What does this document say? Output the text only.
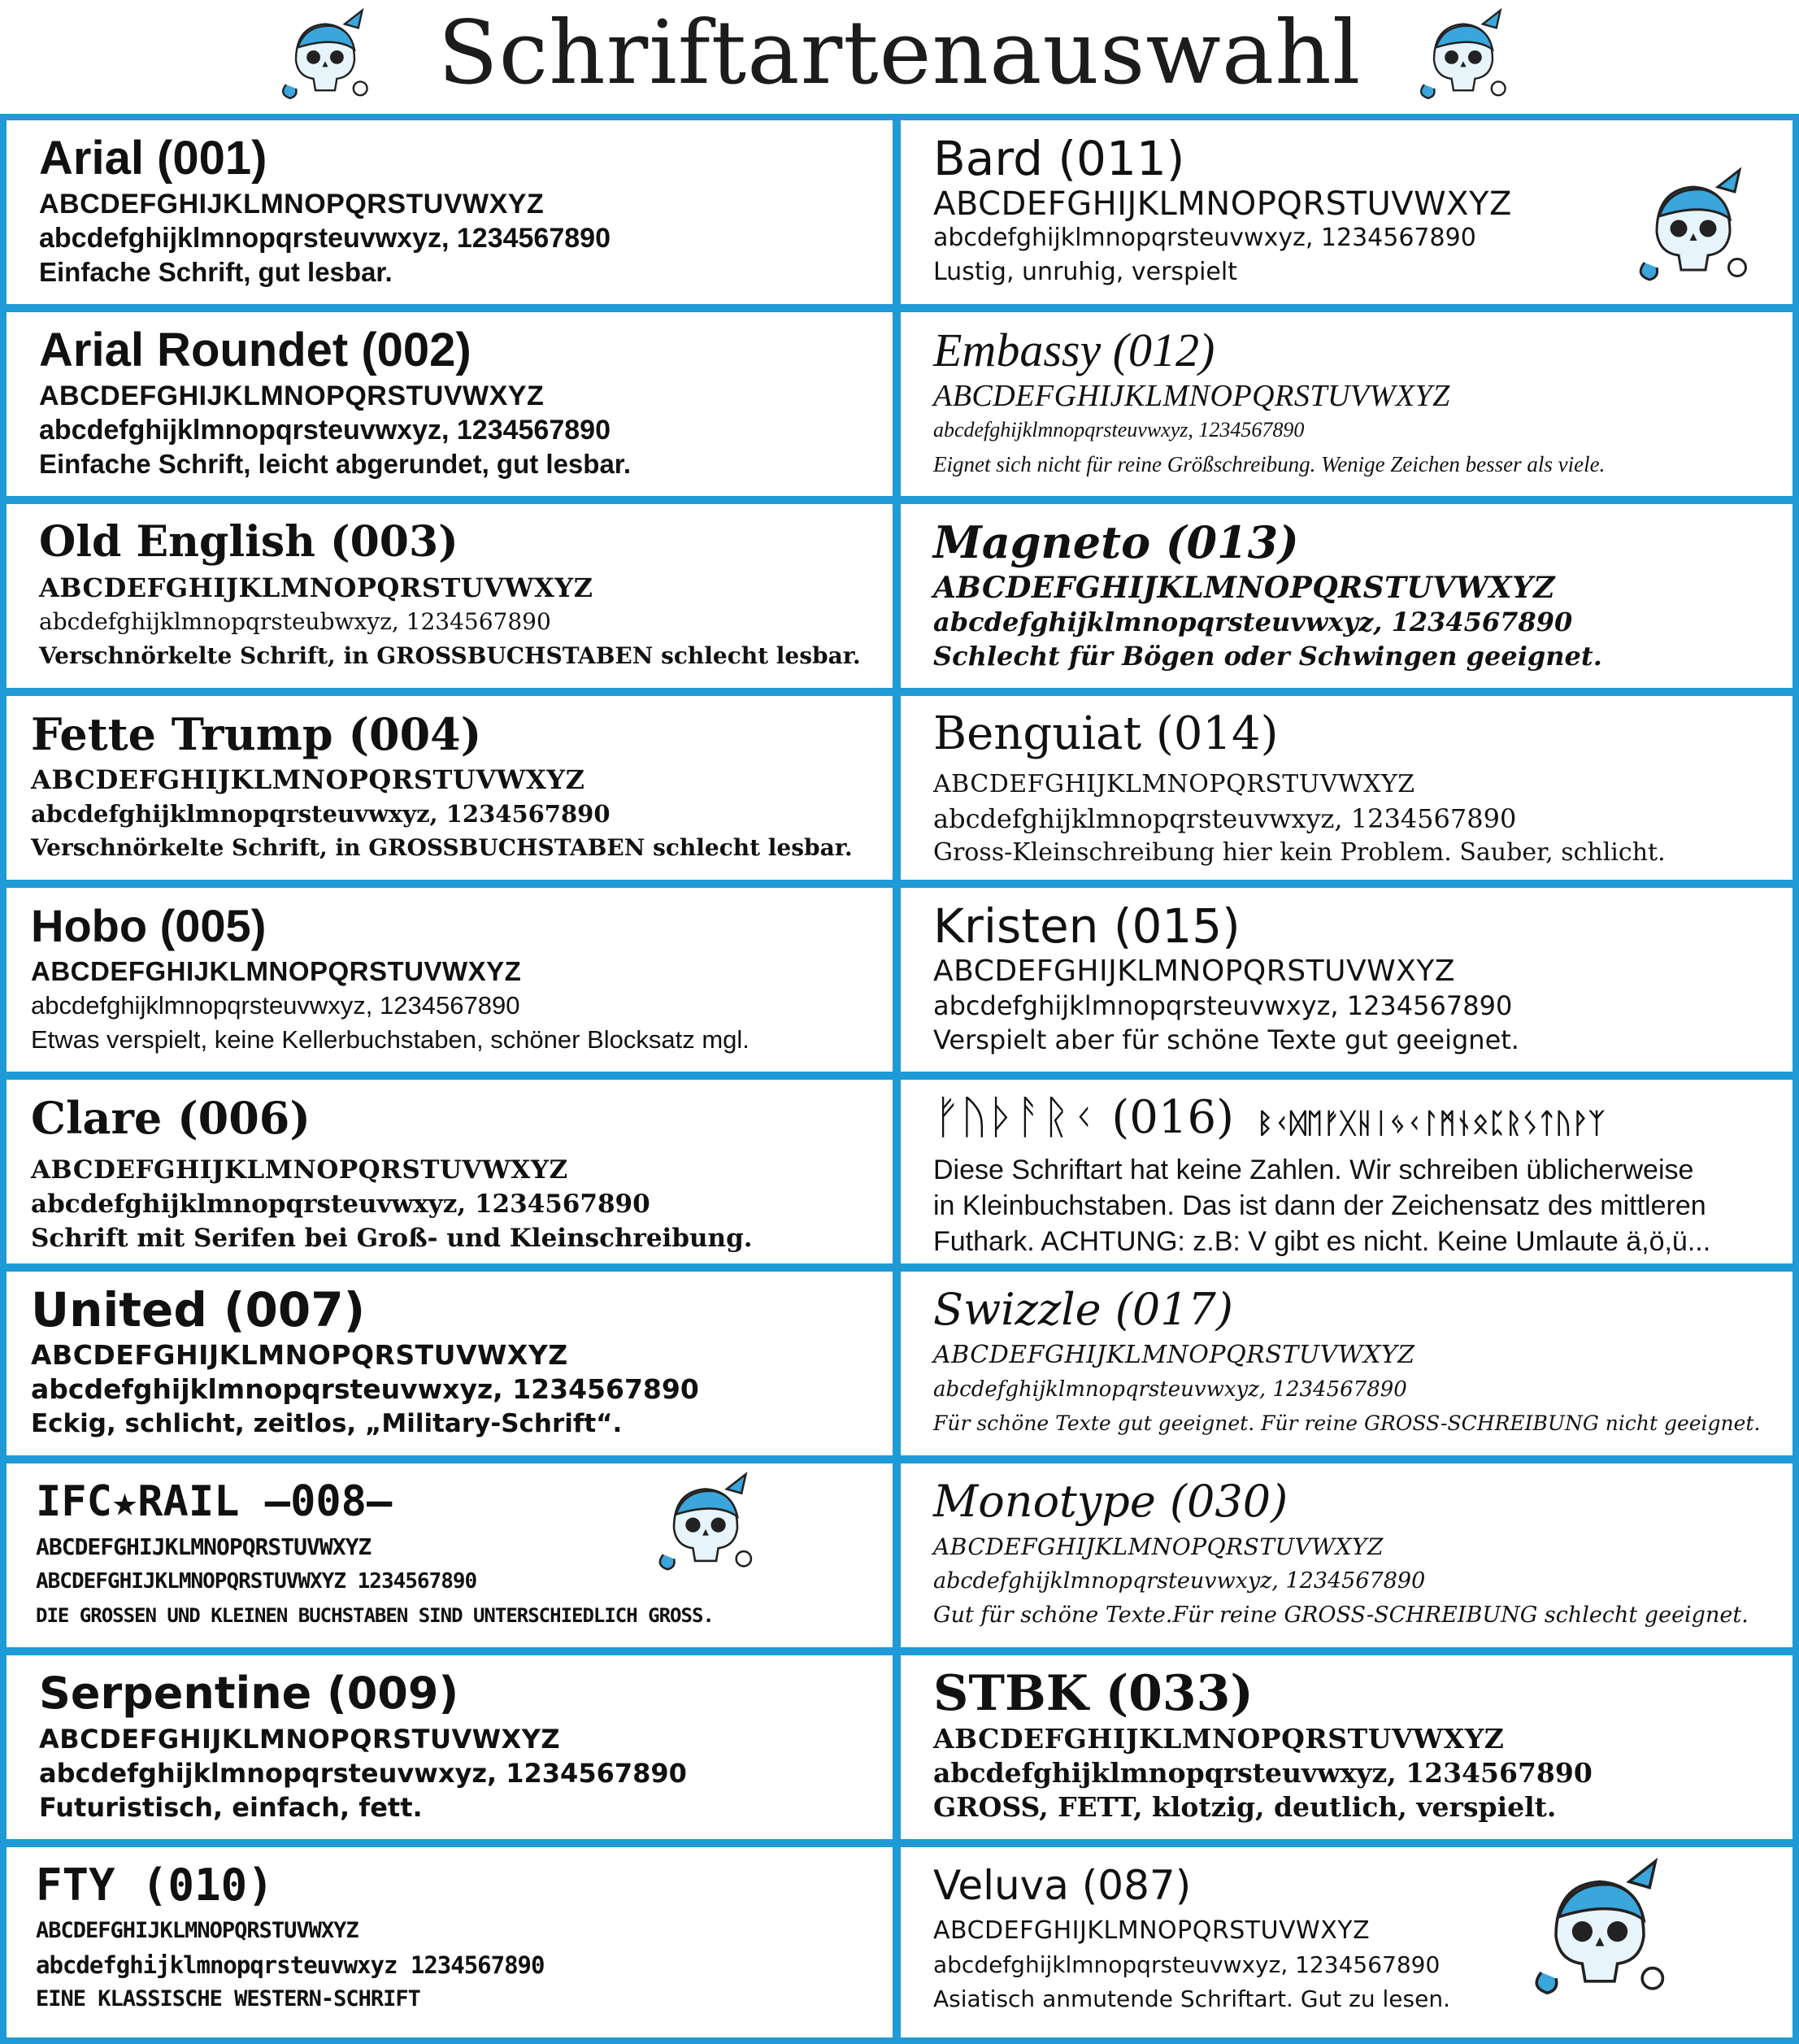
Schriftartenauswahl
Arial (001)
ABCDEFGHIJKLMNOPQRSTUVWXYZ
abcdefghijklmnopqrsteuvwxyz, 1234567890
Einfache Schrift, gut lesbar.
Bard (011)
ABCDEFGHIJKLMNOPQRSTUVWXYZ
abcdefghijklmnopqrsteuvwxyz, 1234567890
Lustig, unruhig, verspielt
Arial Roundet (002)
ABCDEFGHIJKLMNOPQRSTUVWXYZ
abcdefghijklmnopqrsteuvwxyz, 1234567890
Einfache Schrift, leicht abgerundet, gut lesbar.
Embassy (012)
ABCDEFGHIJKLMNOPQRSTUVWXYZ
abcdefghijklmnopqrsteuvwxyz, 1234567890
Eignet sich nicht für reine Größschreibung. Wenige Zeichen besser als viele.
Old English (003)
ABCDEFGHIJKLMNOPQRSTUVWXYZ
abcdefghijklmnopqrsteubwxyz, 1234567890
Verschnörkelte Schrift, in GROSSBUCHSTABEN schlecht lesbar.
Magneto (013)
ABCDEFGHIJKLMNOPQRSTUVWXYZ
abcdefghijklmnopqrsteuvwxyz, 1234567890
Schlecht für Bögen oder Schwingen geeignet.
Fette Trump (004)
ABCDEFGHIJKLMNOPQRSTUVWXYZ
abcdefghijklmnopqrsteuvwxyz, 1234567890
Verschnörkelte Schrift, in GROSSBUCHSTABEN schlecht lesbar.
Benguiat (014)
ABCDEFGHIJKLMNOPQRSTUVWXYZ
abcdefghijklmnopqrsteuvwxyz, 1234567890
Gross-Kleinschreibung hier kein Problem. Sauber, schlicht.
Hobo (005)
ABCDEFGHIJKLMNOPQRSTUVWXYZ
abcdefghijklmnopqrsteuvwxyz, 1234567890
Etwas verspielt, keine Kellerbuchstaben, schöner Blocksatz mgl.
Kristen (015)
ABCDEFGHIJKLMNOPQRSTUVWXYZ
abcdefghijklmnopqrsteuvwxyz, 1234567890
Verspielt aber für schöne Texte gut geeignet.
Clare (006)
ABCDEFGHIJKLMNOPQRSTUVWXYZ
abcdefghijklmnopqrsteuvwxyz, 1234567890
Schrift mit Serifen bei Groß- und Kleinschreibung.
ᚠᚢᚦᚨᚱᚲ (016) ᛒᚲᛞᛖᚠᚷᚺᛁᛃᚲᛚᛗᚾᛟᛈᚱᛊᛏᚢᚹᛉ
Diese Schriftart hat keine Zahlen. Wir schreiben üblicherweise
in Kleinbuchstaben. Das ist dann der Zeichensatz des mittleren
Futhark. ACHTUNG: z.B: V gibt es nicht. Keine Umlaute ä,ö,ü...
United (007)
ABCDEFGHIJKLMNOPQRSTUVWXYZ
abcdefghijklmnopqrsteuvwxyz, 1234567890
Eckig, schlicht, zeitlos, „Military-Schrift“.
Swizzle (017)
ABCDEFGHIJKLMNOPQRSTUVWXYZ
abcdefghijklmnopqrsteuvwxyz, 1234567890
Für schöne Texte gut geeignet. Für reine GROSS-SCHREIBUNG nicht geeignet.
IFC★RAIL —008—
ABCDEFGHIJKLMNOPQRSTUVWXYZ
ABCDEFGHIJKLMNOPQRSTUVWXYZ 1234567890
DIE GROSSEN UND KLEINEN BUCHSTABEN SIND UNTERSCHIEDLICH GROSS.
Monotype (030)
ABCDEFGHIJKLMNOPQRSTUVWXYZ
abcdefghijklmnopqrsteuvwxyz, 1234567890
Gut für schöne Texte.Für reine GROSS-SCHREIBUNG schlecht geeignet.
Serpentine (009)
ABCDEFGHIJKLMNOPQRSTUVWXYZ
abcdefghijklmnopqrsteuvwxyz, 1234567890
Futuristisch, einfach, fett.
STBK (033)
ABCDEFGHIJKLMNOPQRSTUVWXYZ
abcdefghijklmnopqrsteuvwxyz, 1234567890
GROSS, FETT, klotzig, deutlich, verspielt.
FTY (010)
ABCDEFGHIJKLMNOPQRSTUVWXYZ
abcdefghijklmnopqrsteuvwxyz 1234567890
EINE KLASSISCHE WESTERN-SCHRIFT
Veluva (087)
ABCDEFGHIJKLMNOPQRSTUVWXYZ
abcdefghijklmnopqrsteuvwxyz, 1234567890
Asiatisch anmutende Schriftart. Gut zu lesen.
